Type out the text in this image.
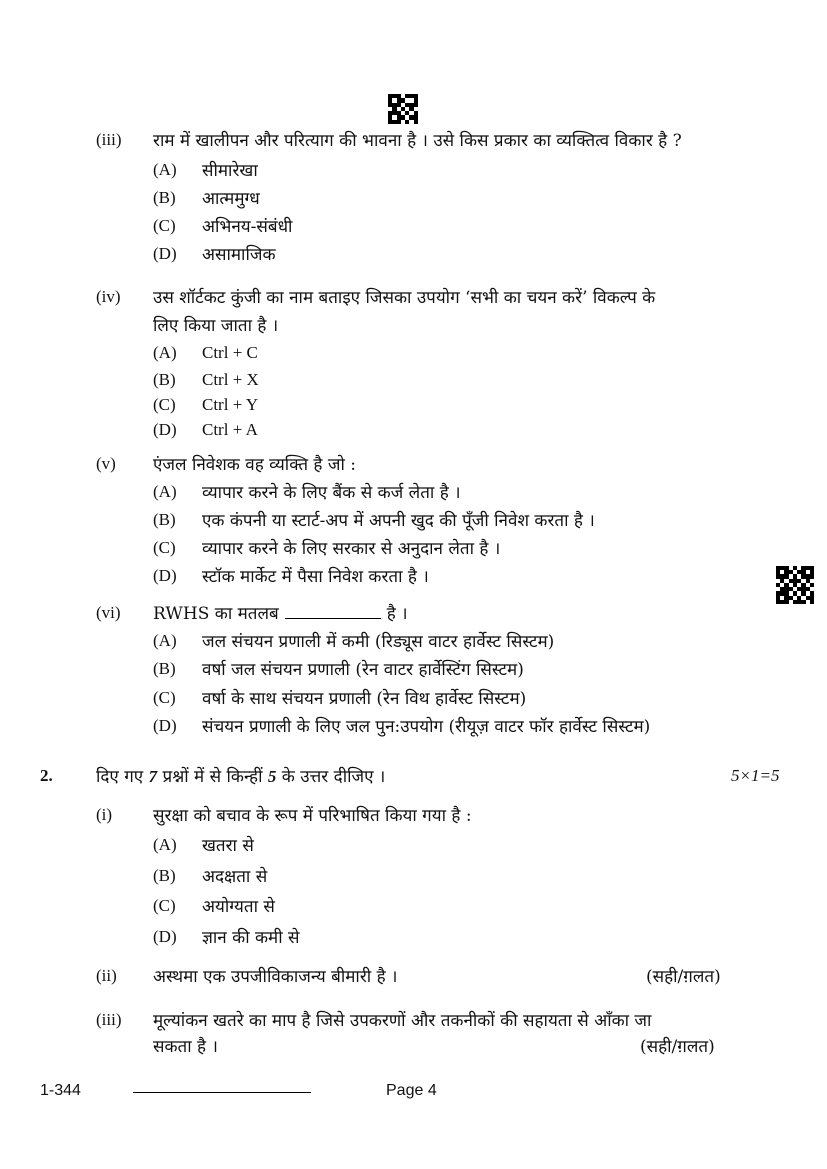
(iii) राम में खालीपन और परित्याग की भावना है । उसे किस प्रकार का व्यक्तित्व विकार है ?
(A) सीमारेखा
(B) आत्ममुग्ध
(C) अभिनय-संबंधी
(D) असामाजिक
(iv) उस शॉर्टकट कुंजी का नाम बताइए जिसका उपयोग ‘सभी का चयन करें’ विकल्प के
लिए किया जाता है ।
(A) Ctrl + C
(B) Ctrl + X
(C) Ctrl + Y
(D) Ctrl + A
(v) एंजल निवेशक वह व्यक्ति है जो :
(A) व्यापार करने के लिए बैंक से कर्ज लेता है ।
(B) एक कंपनी या स्टार्ट-अप में अपनी खुद की पूँजी निवेश करता है ।
(C) व्यापार करने के लिए सरकार से अनुदान लेता है ।
(D) स्टॉक मार्केट में पैसा निवेश करता है ।
(vi) RWHS का मतलब	है ।
(A) जल संचयन प्रणाली में कमी (रिड्यूस वाटर हार्वेस्ट सिस्टम)
(B) वर्षा जल संचयन प्रणाली (रेन वाटर हार्वेस्टिंग सिस्टम)
(C) वर्षा के साथ संचयन प्रणाली (रेन विथ हार्वेस्ट सिस्टम)
(D) संचयन प्रणाली के लिए जल पुन:उपयोग (रीयूज़ वाटर फॉर हार्वेस्ट सिस्टम)
2.	दिए गए 7 प्रश्नों में से किन्हीं 5 के उत्तर दीजिए ।	5×1=5
(i) सुरक्षा को बचाव के रूप में परिभाषित किया गया है :
(A) खतरा से
(B) अदक्षता से
(C) अयोग्यता से
(D) ज्ञान की कमी से
(ii) अस्थमा एक उपजीविकाजन्य बीमारी है ।	(सही/ग़लत)
(iii) मूल्यांकन खतरे का माप है जिसे उपकरणों और तकनीकों की सहायता से आँका जा
सकता है ।	(सही/ग़लत)
1-344	Page 4
